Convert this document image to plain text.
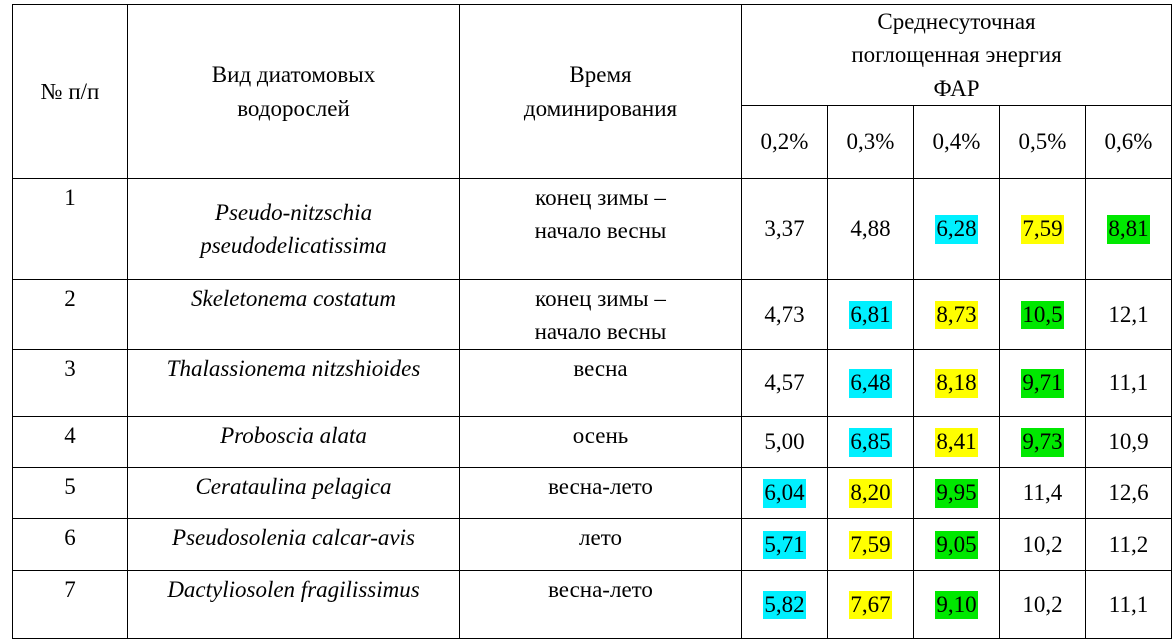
№ п/п	Вид диатомовых водорослей	Время доминирования	Среднесуточная поглощенная энергия ФАР				
			0,2%	0,3%	0,4%	0,5%	0,6%
1	Pseudo-nitzschia pseudodelicatissima	конец зимы – начало весны	3,37	4,88	6,28	7,59	8,81
2	Skeletonema costatum	конец зимы – начало весны	4,73	6,81	8,73	10,5	12,1
3	Thalassionema nitzshioides	весна	4,57	6,48	8,18	9,71	11,1
4	Proboscia alata	осень	5,00	6,85	8,41	9,73	10,9
5	Cerataulina pelagica	весна-лето	6,04	8,20	9,95	11,4	12,6
6	Pseudosolenia calcar-avis	лето	5,71	7,59	9,05	10,2	11,2
7	Dactyliosolen fragilissimus	весна-лето	5,82	7,67	9,10	10,2	11,1
